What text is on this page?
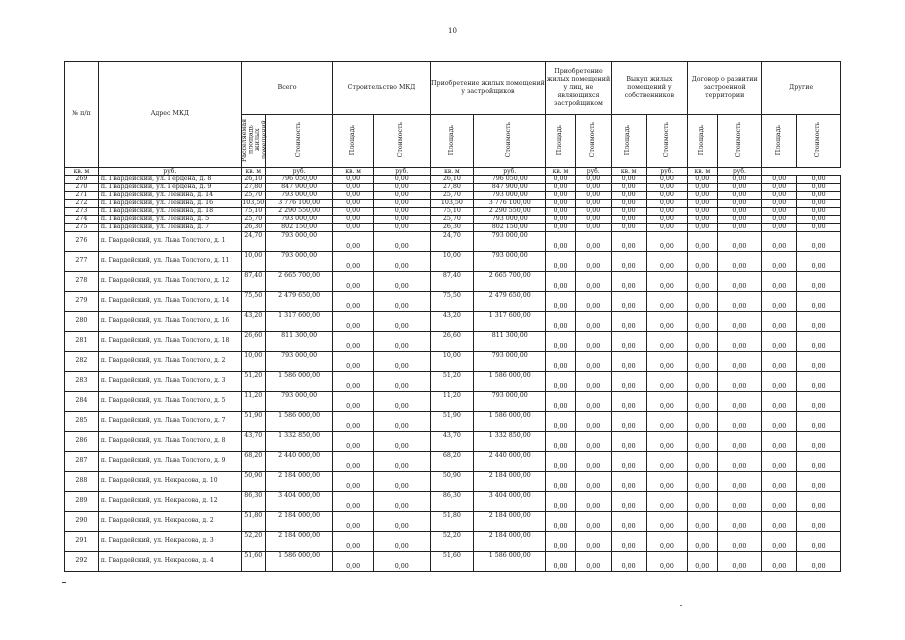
10
№ п/п	Адрес МКД	Всего		Строительство МКД		Приобретение жилых помещений у застройщиков		Приобретение жилых помещений у лиц, не являющихся застройщиком		Выкуп жилых помещений у собственников		Договор о развитии застроенной территории		Другие	
		Расселяемая площадь жилых помещений	Стоимость	Площадь	Стоимость	Площадь	Стоимость	Площадь	Стоимость	Площадь	Стоимость	Площадь	Стоимость	Площадь	Стоимость
кв. м	руб.	кв. м	руб.	кв. м	руб.	кв. м	руб.	кв. м	руб.	кв. м	руб.	кв. м	руб.		
269	п. Гвардейский, ул. Герцена, д. 8	26,10	796 050,00	0,00	0,00	26,10	796 050,00	0,00	0,00	0,00	0,00	0,00	0,00	0,00	0,00
270	п. Гвардейский, ул. Герцена, д. 9	27,80	847 900,00	0,00	0,00	27,80	847 900,00	0,00	0,00	0,00	0,00	0,00	0,00	0,00	0,00
271	п. Гвардейский, ул. Ленина, д. 14	25,70	793 000,00	0,00	0,00	25,70	793 000,00	0,00	0,00	0,00	0,00	0,00	0,00	0,00	0,00
272	п. Гвардейский, ул. Ленина, д. 16	103,50	3 776 100,00	0,00	0,00	103,50	3 776 100,00	0,00	0,00	0,00	0,00	0,00	0,00	0,00	0,00
273	п. Гвардейский, ул. Ленина, д. 18	75,10	2 290 550,00	0,00	0,00	75,10	2 290 550,00	0,00	0,00	0,00	0,00	0,00	0,00	0,00	0,00
274	п. Гвардейский, ул. Ленина, д. 5	25,70	793 000,00	0,00	0,00	25,70	793 000,00	0,00	0,00	0,00	0,00	0,00	0,00	0,00	0,00
275	п. Гвардейский, ул. Ленина, д. 7	26,30	802 150,00	0,00	0,00	26,30	802 150,00	0,00	0,00	0,00	0,00	0,00	0,00	0,00	0,00
276	п. Гвардейский, ул. Льва Толстого, д. 1	24,70	793 000,00	0,00	0,00	24,70	793 000,00	0,00	0,00	0,00	0,00	0,00	0,00	0,00	0,00
277	п. Гвардейский, ул. Льва Толстого, д. 11	10,00	793 000,00	0,00	0,00	10,00	793 000,00	0,00	0,00	0,00	0,00	0,00	0,00	0,00	0,00
278	п. Гвардейский, ул. Льва Толстого, д. 12	87,40	2 665 700,00	0,00	0,00	87,40	2 665 700,00	0,00	0,00	0,00	0,00	0,00	0,00	0,00	0,00
279	п. Гвардейский, ул. Льва Толстого, д. 14	75,50	2 479 650,00	0,00	0,00	75,50	2 479 650,00	0,00	0,00	0,00	0,00	0,00	0,00	0,00	0,00
280	п. Гвардейский, ул. Льва Толстого, д. 16	43,20	1 317 600,00	0,00	0,00	43,20	1 317 600,00	0,00	0,00	0,00	0,00	0,00	0,00	0,00	0,00
281	п. Гвардейский, ул. Льва Толстого, д. 18	26,60	811 300,00	0,00	0,00	26,60	811 300,00	0,00	0,00	0,00	0,00	0,00	0,00	0,00	0,00
282	п. Гвардейский, ул. Льва Толстого, д. 2	10,00	793 000,00	0,00	0,00	10,00	793 000,00	0,00	0,00	0,00	0,00	0,00	0,00	0,00	0,00
283	п. Гвардейский, ул. Льва Толстого, д. 3	51,20	1 586 000,00	0,00	0,00	51,20	1 586 000,00	0,00	0,00	0,00	0,00	0,00	0,00	0,00	0,00
284	п. Гвардейский, ул. Льва Толстого, д. 5	11,20	793 000,00	0,00	0,00	11,20	793 000,00	0,00	0,00	0,00	0,00	0,00	0,00	0,00	0,00
285	п. Гвардейский, ул. Льва Толстого, д. 7	51,90	1 586 000,00	0,00	0,00	51,90	1 586 000,00	0,00	0,00	0,00	0,00	0,00	0,00	0,00	0,00
286	п. Гвардейский, ул. Льва Толстого, д. 8	43,70	1 332 850,00	0,00	0,00	43,70	1 332 850,00	0,00	0,00	0,00	0,00	0,00	0,00	0,00	0,00
287	п. Гвардейский, ул. Льва Толстого, д. 9	68,20	2 440 000,00	0,00	0,00	68,20	2 440 000,00	0,00	0,00	0,00	0,00	0,00	0,00	0,00	0,00
288	п. Гвардейский, ул. Некрасова, д. 10	50,90	2 184 000,00	0,00	0,00	50,90	2 184 000,00	0,00	0,00	0,00	0,00	0,00	0,00	0,00	0,00
289	п. Гвардейский, ул. Некрасова, д. 12	86,30	3 404 000,00	0,00	0,00	86,30	3 404 000,00	0,00	0,00	0,00	0,00	0,00	0,00	0,00	0,00
290	п. Гвардейский, ул. Некрасова, д. 2	51,80	2 184 000,00	0,00	0,00	51,80	2 184 000,00	0,00	0,00	0,00	0,00	0,00	0,00	0,00	0,00
291	п. Гвардейский, ул. Некрасова, д. 3	52,20	2 184 000,00	0,00	0,00	52,20	2 184 000,00	0,00	0,00	0,00	0,00	0,00	0,00	0,00	0,00
292	п. Гвардейский, ул. Некрасова, д. 4	51,60	1 586 000,00	0,00	0,00	51,60	1 586 000,00	0,00	0,00	0,00	0,00	0,00	0,00	0,00	0,00
